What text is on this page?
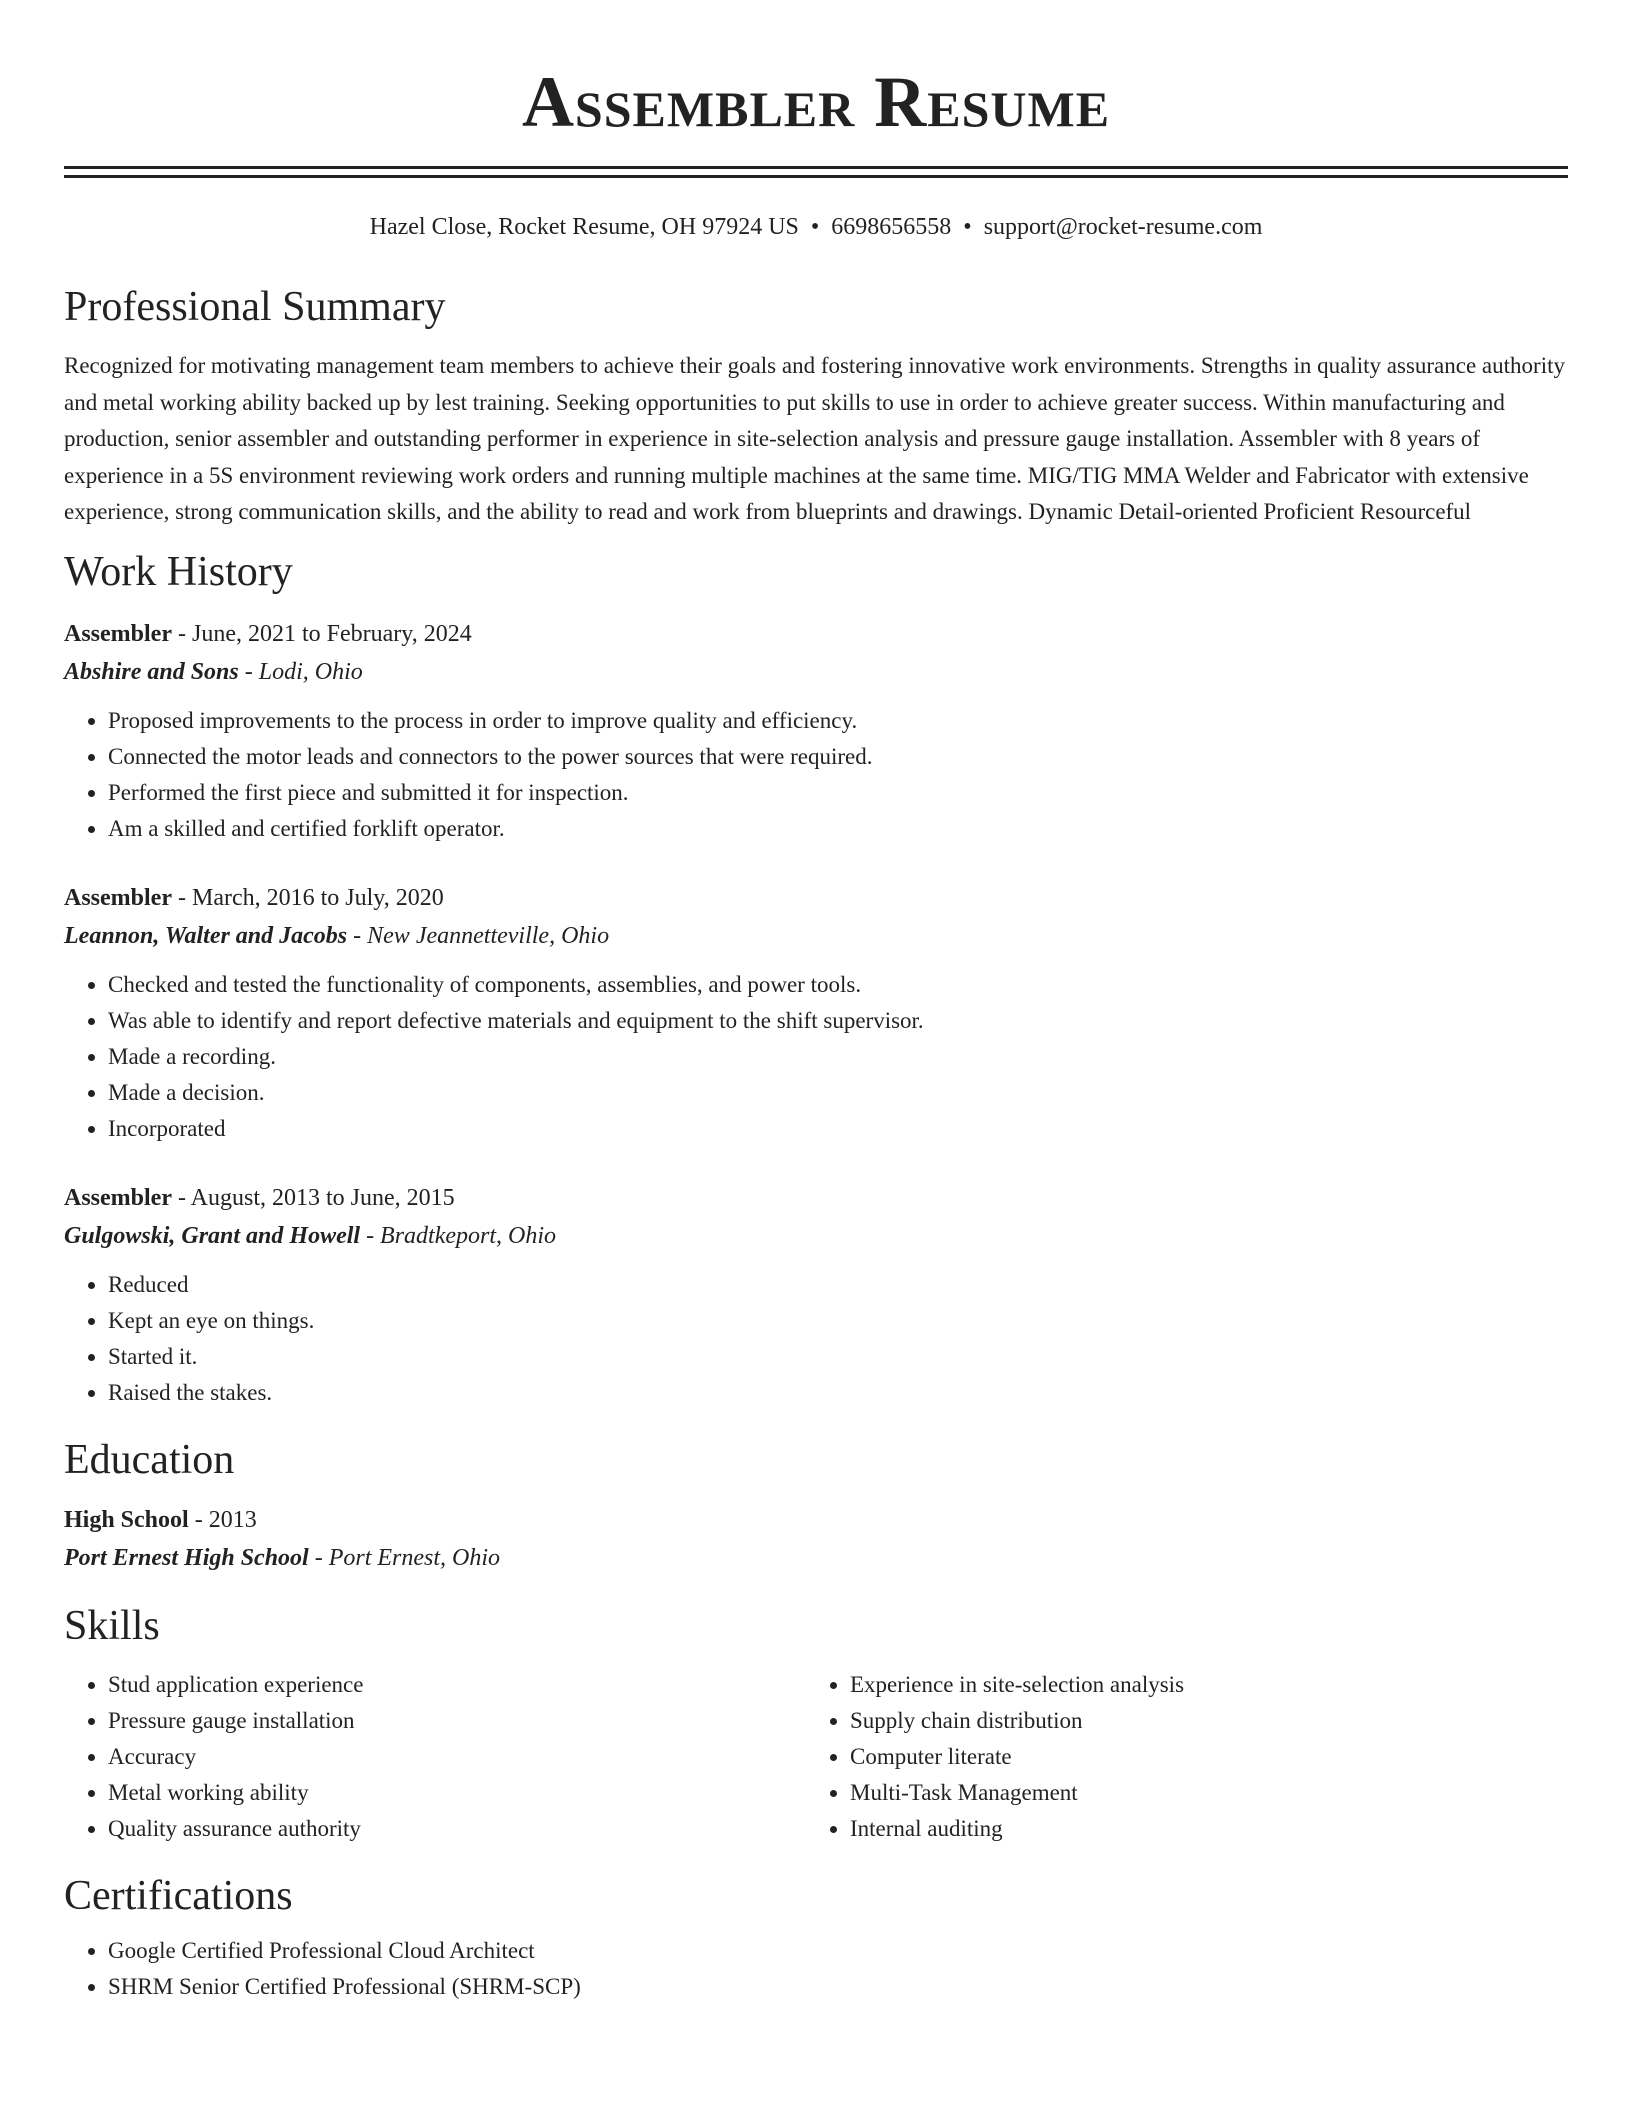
Assembler Resume
Hazel Close, Rocket Resume, OH 97924 US • 6698656558 • support@rocket-resume.com
Professional Summary
Recognized for motivating management team members to achieve their goals and fostering innovative work environments. Strengths in quality assurance authority and metal working ability backed up by lest training. Seeking opportunities to put skills to use in order to achieve greater success. Within manufacturing and production, senior assembler and outstanding performer in experience in site-selection analysis and pressure gauge installation. Assembler with 8 years of experience in a 5S environment reviewing work orders and running multiple machines at the same time. MIG/TIG MMA Welder and Fabricator with extensive experience, strong communication skills, and the ability to read and work from blueprints and drawings. Dynamic Detail-oriented Proficient Resourceful
Work History
Assembler - June, 2021 to February, 2024
Abshire and Sons - Lodi, Ohio
• Proposed improvements to the process in order to improve quality and efficiency.
• Connected the motor leads and connectors to the power sources that were required.
• Performed the first piece and submitted it for inspection.
• Am a skilled and certified forklift operator.
Assembler - March, 2016 to July, 2020
Leannon, Walter and Jacobs - New Jeannetteville, Ohio
• Checked and tested the functionality of components, assemblies, and power tools.
• Was able to identify and report defective materials and equipment to the shift supervisor.
• Made a recording.
• Made a decision.
• Incorporated
Assembler - August, 2013 to June, 2015
Gulgowski, Grant and Howell - Bradtkeport, Ohio
• Reduced
• Kept an eye on things.
• Started it.
• Raised the stakes.
Education
High School - 2013
Port Ernest High School - Port Ernest, Ohio
Skills
• Stud application experience
• Pressure gauge installation
• Accuracy
• Metal working ability
• Quality assurance authority
• Experience in site-selection analysis
• Supply chain distribution
• Computer literate
• Multi-Task Management
• Internal auditing
Certifications
• Google Certified Professional Cloud Architect
• SHRM Senior Certified Professional (SHRM-SCP)
